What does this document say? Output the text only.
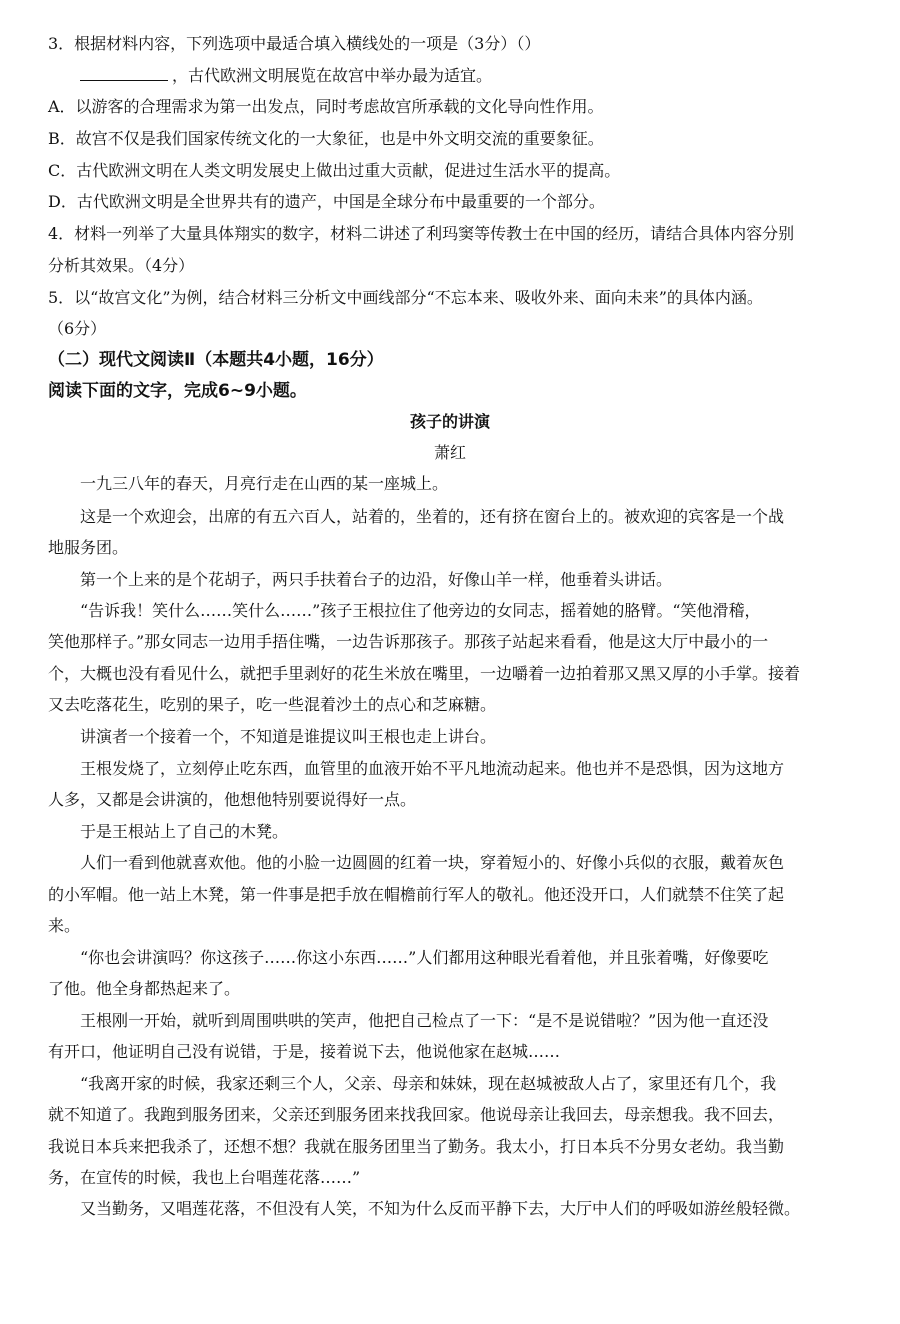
3．根据材料内容，下列选项中最适合填入横线处的一项是（3分）（）
，古代欧洲文明展览在故宫中举办最为适宜。
A．以游客的合理需求为第一出发点，同时考虑故宫所承载的文化导向性作用。
B．故宫不仅是我们国家传统文化的一大象征，也是中外文明交流的重要象征。
C．古代欧洲文明在人类文明发展史上做出过重大贡献，促进过生活水平的提高。
D．古代欧洲文明是全世界共有的遗产，中国是全球分布中最重要的一个部分。
4．材料一列举了大量具体翔实的数字，材料二讲述了利玛窦等传教士在中国的经历，请结合具体内容分别
分析其效果。（4分）
5．以“故宫文化”为例，结合材料三分析文中画线部分“不忘本来、吸收外来、面向未来”的具体内涵。
（6分）
（二）现代文阅读Ⅱ（本题共4小题，16分）
阅读下面的文字，完成6~9小题。
孩子的讲演
萧红
一九三八年的春天，月亮行走在山西的某一座城上。
这是一个欢迎会，出席的有五六百人，站着的，坐着的，还有挤在窗台上的。被欢迎的宾客是一个战
地服务团。
第一个上来的是个花胡子，两只手扶着台子的边沿，好像山羊一样，他垂着头讲话。
“告诉我！笑什么……笑什么……”孩子王根拉住了他旁边的女同志，摇着她的胳臂。“笑他滑稽，
笑他那样子。”那女同志一边用手捂住嘴，一边告诉那孩子。那孩子站起来看看，他是这大厅中最小的一
个，大概也没有看见什么，就把手里剥好的花生米放在嘴里，一边嚼着一边拍着那又黑又厚的小手掌。接着
又去吃落花生，吃别的果子，吃一些混着沙土的点心和芝麻糖。
讲演者一个接着一个，不知道是谁提议叫王根也走上讲台。
王根发烧了，立刻停止吃东西，血管里的血液开始不平凡地流动起来。他也并不是恐惧，因为这地方
人多，又都是会讲演的，他想他特别要说得好一点。
于是王根站上了自己的木凳。
人们一看到他就喜欢他。他的小脸一边圆圆的红着一块，穿着短小的、好像小兵似的衣服，戴着灰色
的小军帽。他一站上木凳，第一件事是把手放在帽檐前行军人的敬礼。他还没开口，人们就禁不住笑了起
来。
“你也会讲演吗？你这孩子……你这小东西……”人们都用这种眼光看着他，并且张着嘴，好像要吃
了他。他全身都热起来了。
王根刚一开始，就听到周围哄哄的笑声，他把自己检点了一下：“是不是说错啦？”因为他一直还没
有开口，他证明自己没有说错，于是，接着说下去，他说他家在赵城……
“我离开家的时候，我家还剩三个人，父亲、母亲和妹妹，现在赵城被敌人占了，家里还有几个，我
就不知道了。我跑到服务团来，父亲还到服务团来找我回家。他说母亲让我回去，母亲想我。我不回去，
我说日本兵来把我杀了，还想不想？我就在服务团里当了勤务。我太小，打日本兵不分男女老幼。我当勤
务，在宣传的时候，我也上台唱莲花落……”
又当勤务，又唱莲花落，不但没有人笑，不知为什么反而平静下去，大厅中人们的呼吸如游丝般轻微。
